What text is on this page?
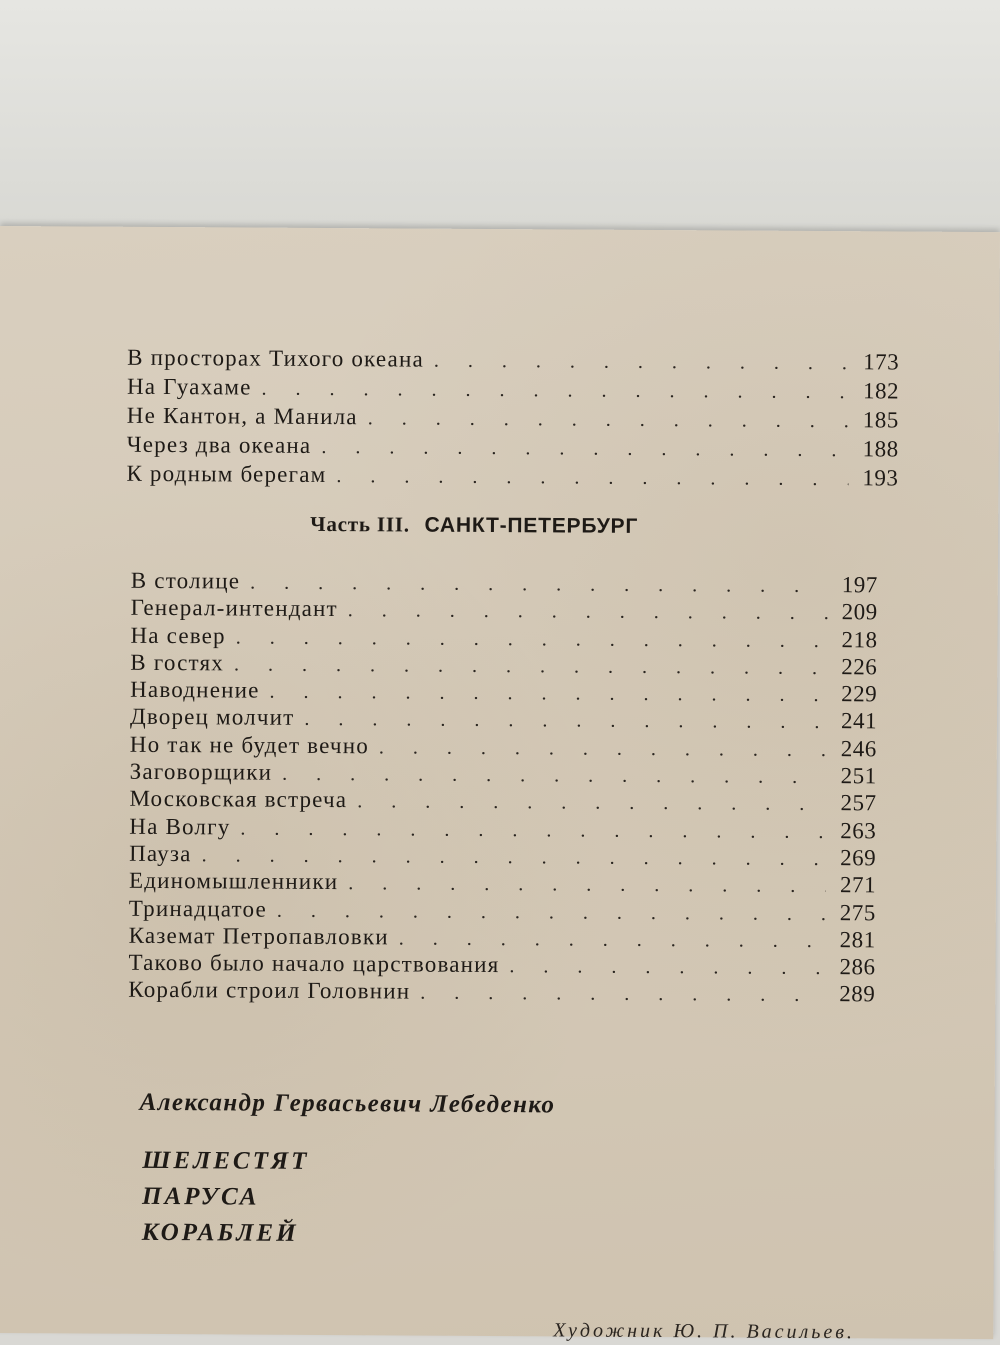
В просторах Тихого океана . . .	173
На Гуахаме . . .	182
Не Кантон, а Манила . . .	185
Через два океана . . .	188
К родным берегам . . .	193
Часть III. САНКТ-ПЕТЕРБУРГ
В столице . . .	197
Генерал-интендант . . .	209
На север . . .	218
В гостях . . .	226
Наводнение . . .	229
Дворец молчит . . .	241
Но так не будет вечно . . .	246
Заговорщики . . .	251
Московская встреча . . .	257
На Волгу . . .	263
Пауза . . .	269
Единомышленники . . .	271
Тринадцатое . . .	275
Каземат Петропавловки . . .	281
Таково было начало царствования . . .	286
Корабли строил Головнин . . .	289
Александр Гервасьевич Лебеденко
ШЕЛЕСТЯТ
ПАРУСА
КОРАБЛЕЙ
Художник Ю. П. Васильев.
